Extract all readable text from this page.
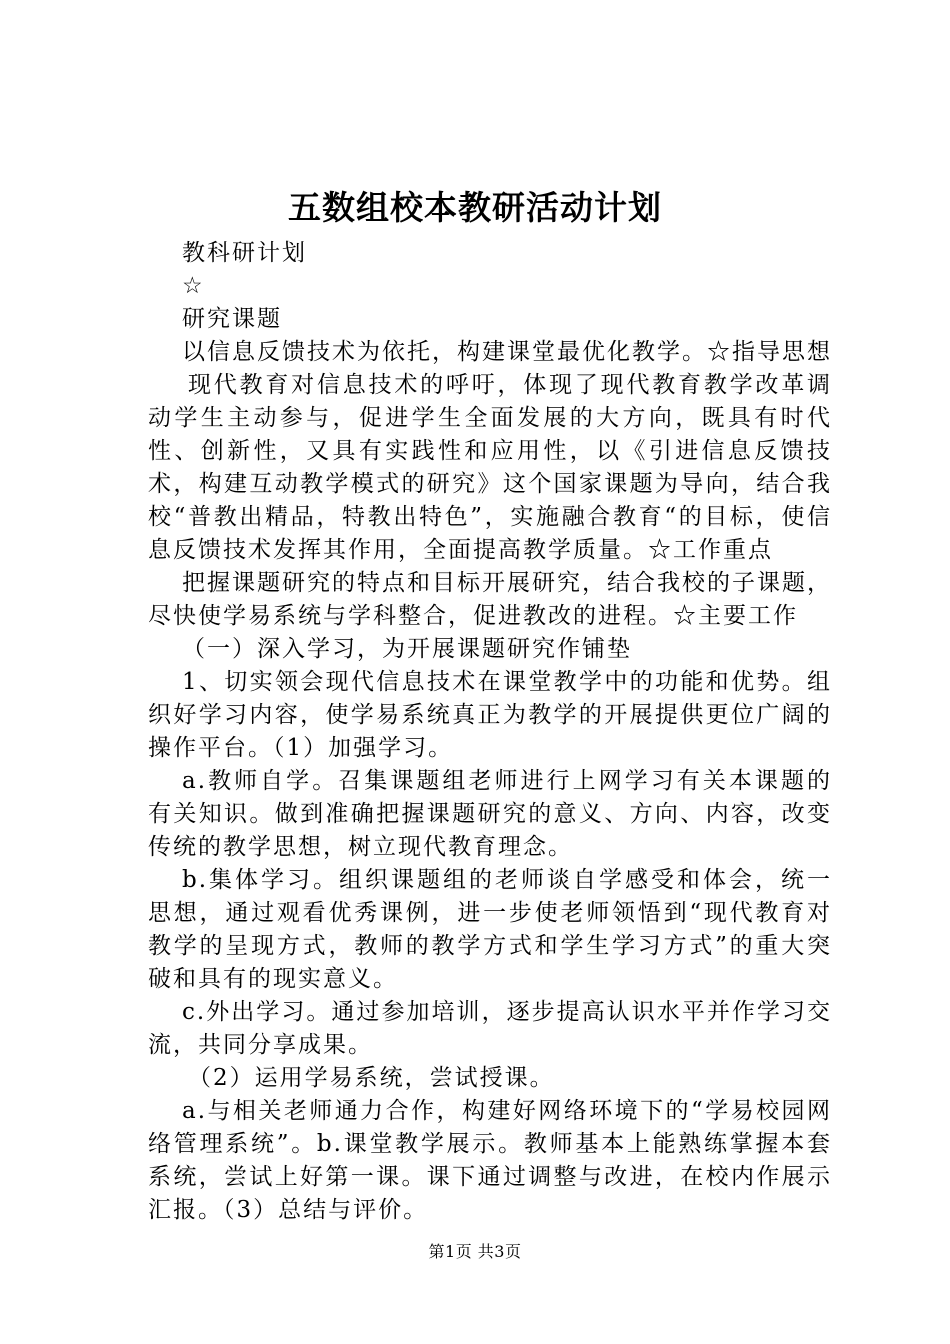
五数组校本教研活动计划

教科研计划

☆

研究课题

以信息反馈技术为依托，构建课堂最优化教学。☆指导思想

现代教育对信息技术的呼吁，体现了现代教育教学改革调动学生主动参与，促进学生全面发展的大方向，既具有时代性、创新性，又具有实践性和应用性，以《引进信息反馈技术，构建互动教学模式的研究》这个国家课题为导向，结合我校“普教出精品，特教出特色”，实施融合教育“的目标，使信息反馈技术发挥其作用，全面提高教学质量。☆工作重点

把握课题研究的特点和目标开展研究，结合我校的子课题，尽快使学易系统与学科整合，促进教改的进程。☆主要工作

（一）深入学习，为开展课题研究作铺垫

1、切实领会现代信息技术在课堂教学中的功能和优势。组织好学习内容，使学易系统真正为教学的开展提供更位广阔的操作平台。（1）加强学习。

a.教师自学。召集课题组老师进行上网学习有关本课题的有关知识。做到准确把握课题研究的意义、方向、内容，改变传统的教学思想，树立现代教育理念。

b.集体学习。组织课题组的老师谈自学感受和体会，统一思想，通过观看优秀课例，进一步使老师领悟到“现代教育对教学的呈现方式，教师的教学方式和学生学习方式”的重大突破和具有的现实意义。

c.外出学习。通过参加培训，逐步提高认识水平并作学习交流，共同分享成果。

（2）运用学易系统，尝试授课。

a.与相关老师通力合作，构建好网络环境下的“学易校园网络管理系统”。b.课堂教学展示。教师基本上能熟练掌握本套系统，尝试上好第一课。课下通过调整与改进，在校内作展示汇报。（3）总结与评价。

第1页 共3页
